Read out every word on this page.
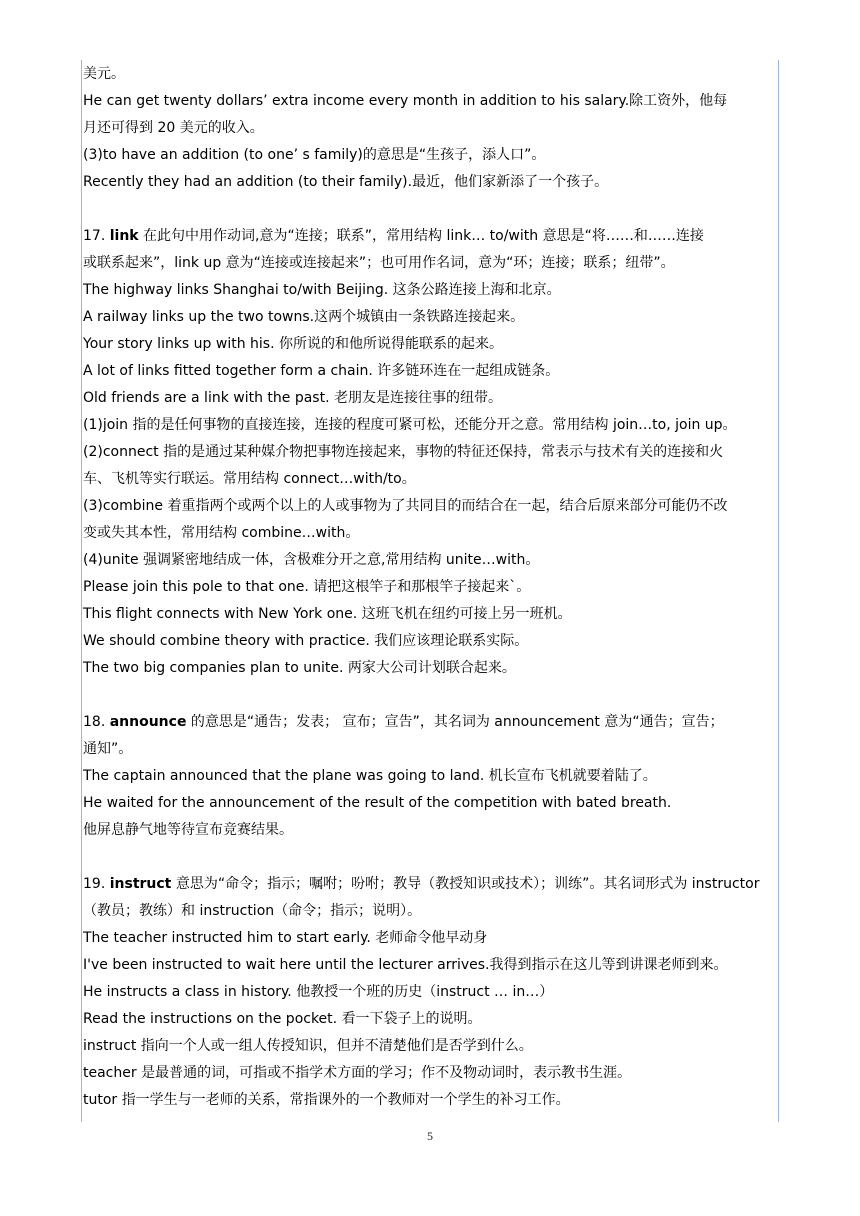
美元。
He can get twenty dollars’ extra income every month in addition to his salary.除工资外，他每
月还可得到 20 美元的收入。
(3)to have an addition (to one’ s family)的意思是“生孩子，添人口”。
Recently they had an addition (to their family).最近，他们家新添了一个孩子。
17. link 在此句中用作动词,意为“连接；联系”，常用结构 link… to/with 意思是“将……和……连接
或联系起来”，link up 意为“连接或连接起来”；也可用作名词，意为“环；连接；联系；纽带”。
The highway links Shanghai to/with Beijing. 这条公路连接上海和北京。
A railway links up the two towns.这两个城镇由一条铁路连接起来。
Your story links up with his. 你所说的和他所说得能联系的起来。
A lot of links fitted together form a chain. 许多链环连在一起组成链条。
Old friends are a link with the past. 老朋友是连接往事的纽带。
(1)join 指的是任何事物的直接连接，连接的程度可紧可松，还能分开之意。常用结构 join…to, join up。
(2)connect 指的是通过某种媒介物把事物连接起来，事物的特征还保持，常表示与技术有关的连接和火
车、飞机等实行联运。常用结构 connect…with/to。
(3)combine 着重指两个或两个以上的人或事物为了共同目的而结合在一起，结合后原来部分可能仍不改
变或失其本性，常用结构 combine…with。
(4)unite 强调紧密地结成一体，含极难分开之意,常用结构 unite…with。
Please join this pole to that one. 请把这根竿子和那根竿子接起来`。
This flight connects with New York one. 这班飞机在纽约可接上另一班机。
We should combine theory with practice. 我们应该理论联系实际。
The two big companies plan to unite. 两家大公司计划联合起来。
18. announce 的意思是“通告；发表； 宣布；宣告”，其名词为 announcement 意为“通告；宣告；
通知”。
The captain announced that the plane was going to land. 机长宣布飞机就要着陆了。
He waited for the announcement of the result of the competition with bated breath.
他屏息静气地等待宣布竞赛结果。
19. instruct 意思为“命令；指示；嘱咐；吩咐；教导（教授知识或技术）；训练”。其名词形式为 instructor
（教员；教练）和 instruction（命令；指示；说明）。
The teacher instructed him to start early. 老师命令他早动身
I've been instructed to wait here until the lecturer arrives.我得到指示在这儿等到讲课老师到来。
He instructs a class in history. 他教授一个班的历史（instruct … in…）
Read the instructions on the pocket. 看一下袋子上的说明。
instruct 指向一个人或一组人传授知识，但并不清楚他们是否学到什么。
teacher 是最普通的词，可指或不指学术方面的学习；作不及物动词时，表示教书生涯。
tutor 指一学生与一老师的关系，常指课外的一个教师对一个学生的补习工作。
5
